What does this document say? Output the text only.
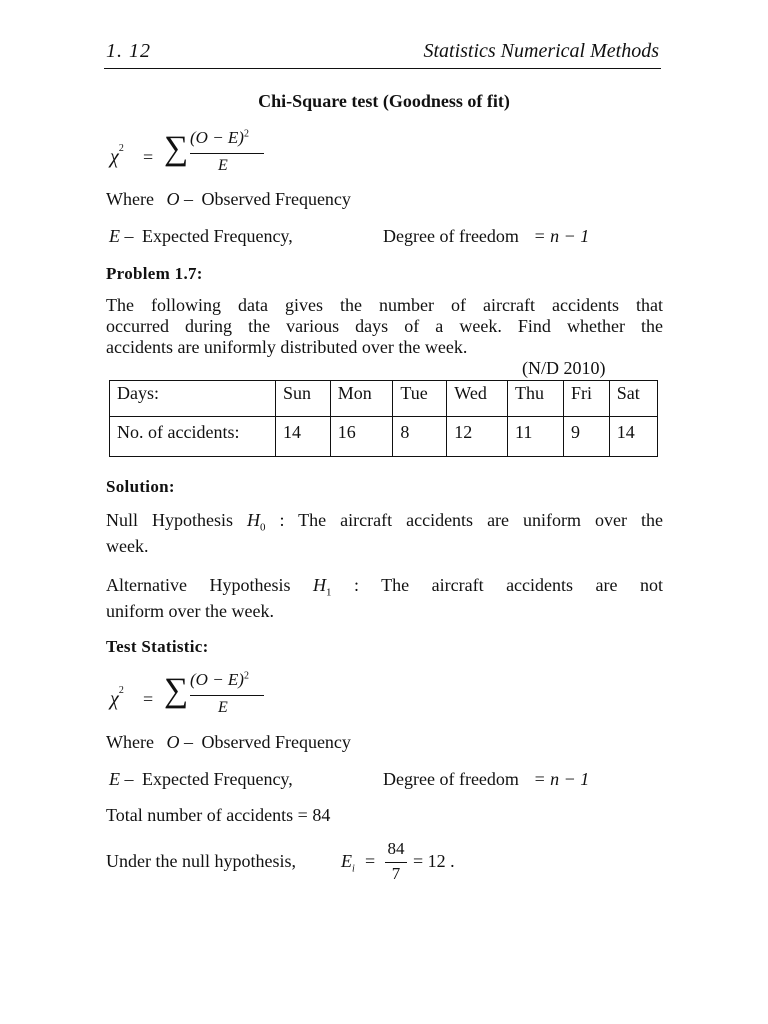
1. 12	Statistics Numerical Methods
Chi-Square test (Goodness of fit)
$\chi^2$ = ∑ $(O - E)^2$
E
Where O – Observed Frequency
E – Expected Frequency,	Degree of freedom = n − 1
Problem 1.7:
The following data gives the number of aircraft accidents that
occurred during the various days of a week. Find whether the
accidents are uniformly distributed over the week.
(N/D 2010)
Days:	Sun	Mon	Tue	Wed	Thu	Fri	Sat
No. of accidents:	14	16	8	12	11	9	14
Solution:
Null Hypothesis $H_0$ : The aircraft accidents are uniform over the
week.
Alternative Hypothesis $H_1$ : The aircraft accidents are not
uniform over the week.
Test Statistic:
$\chi^2$ = ∑ $(O - E)^2$
E
Where O – Observed Frequency
E – Expected Frequency,	Degree of freedom = n − 1
Total number of accidents = 84
Under the null hypothesis,	$E_i$ =
84
7
= 12 .
